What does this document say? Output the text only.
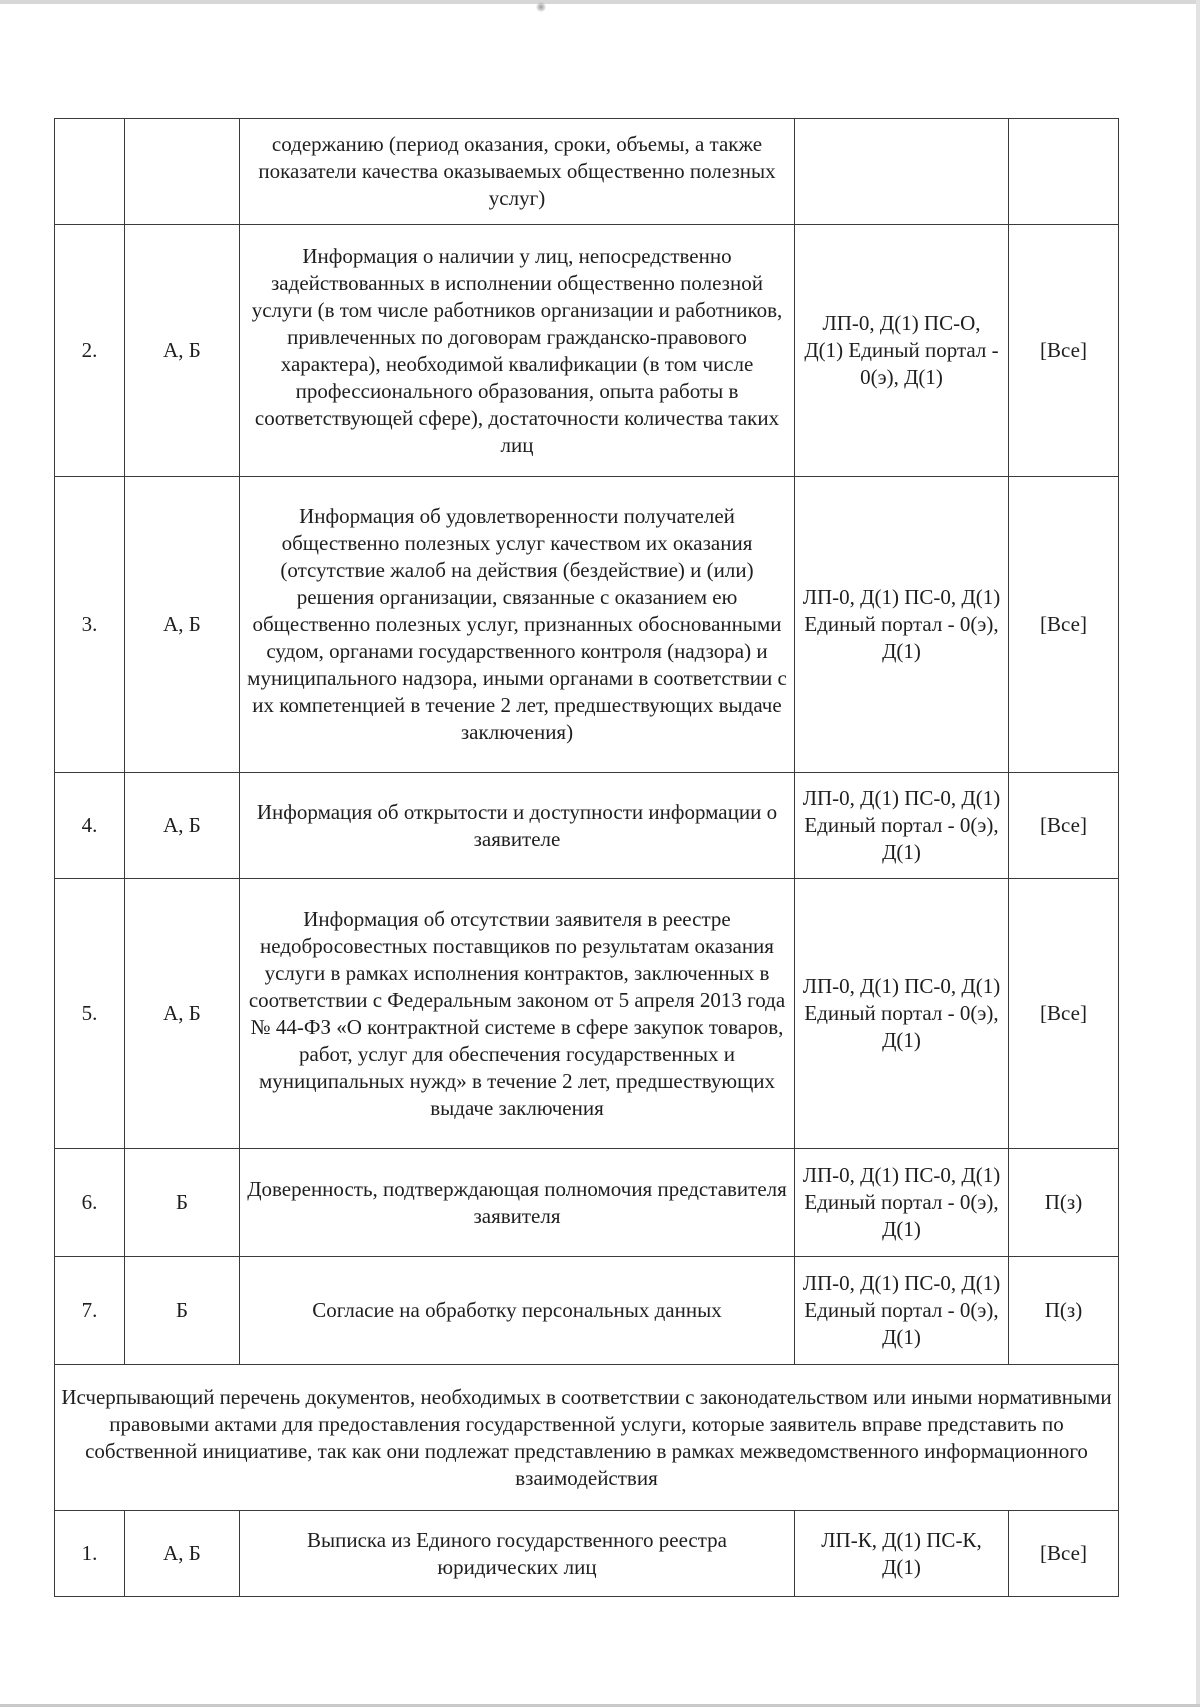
		содержанию (период оказания, сроки, объемы, а также показатели качества оказываемых общественно полезных услуг)		
2.	А, Б	Информация о наличии у лиц, непосредственно задействованных в исполнении общественно полезной услуги (в том числе работников организации и работников, привлеченных по договорам гражданско-правового характера), необходимой квалификации (в том числе профессионального образования, опыта работы в соответствующей сфере), достаточности количества таких лиц	ЛП-0, Д(1) ПС-О, Д(1) Единый портал - 0(э), Д(1)	[Все]
3.	А, Б	Информация об удовлетворенности получателей общественно полезных услуг качеством их оказания (отсутствие жалоб на действия (бездействие) и (или) решения организации, связанные с оказанием ею общественно полезных услуг, признанных обоснованными судом, органами государственного контроля (надзора) и муниципального надзора, иными органами в соответствии с их компетенцией в течение 2 лет, предшествующих выдаче заключения)	ЛП-0, Д(1) ПС-0, Д(1) Единый портал - 0(э), Д(1)	[Все]
4.	А, Б	Информация об открытости и доступности информации о заявителе	ЛП-0, Д(1) ПС-0, Д(1) Единый портал - 0(э), Д(1)	[Все]
5.	А, Б	Информация об отсутствии заявителя в реестре недобросовестных поставщиков по результатам оказания услуги в рамках исполнения контрактов, заключенных в соответствии с Федеральным законом от 5 апреля 2013 года № 44-ФЗ «О контрактной системе в сфере закупок товаров, работ, услуг для обеспечения государственных и муниципальных нужд» в течение 2 лет, предшествующих выдаче заключения	ЛП-0, Д(1) ПС-0, Д(1) Единый портал - 0(э), Д(1)	[Все]
6.	Б	Доверенность, подтверждающая полномочия представителя заявителя	ЛП-0, Д(1) ПС-0, Д(1) Единый портал - 0(э), Д(1)	П(з)
7.	Б	Согласие на обработку персональных данных	ЛП-0, Д(1) ПС-0, Д(1) Единый портал - 0(э), Д(1)	П(з)
Исчерпывающий перечень документов, необходимых в соответствии с законодательством или иными нормативными правовыми актами для предоставления государственной услуги, которые заявитель вправе представить по собственной инициативе, так как они подлежат представлению в рамках межведомственного информационного взаимодействия				
1.	А, Б	Выписка из Единого государственного реестра юридических лиц	ЛП-К, Д(1) ПС-К, Д(1)	[Все]
